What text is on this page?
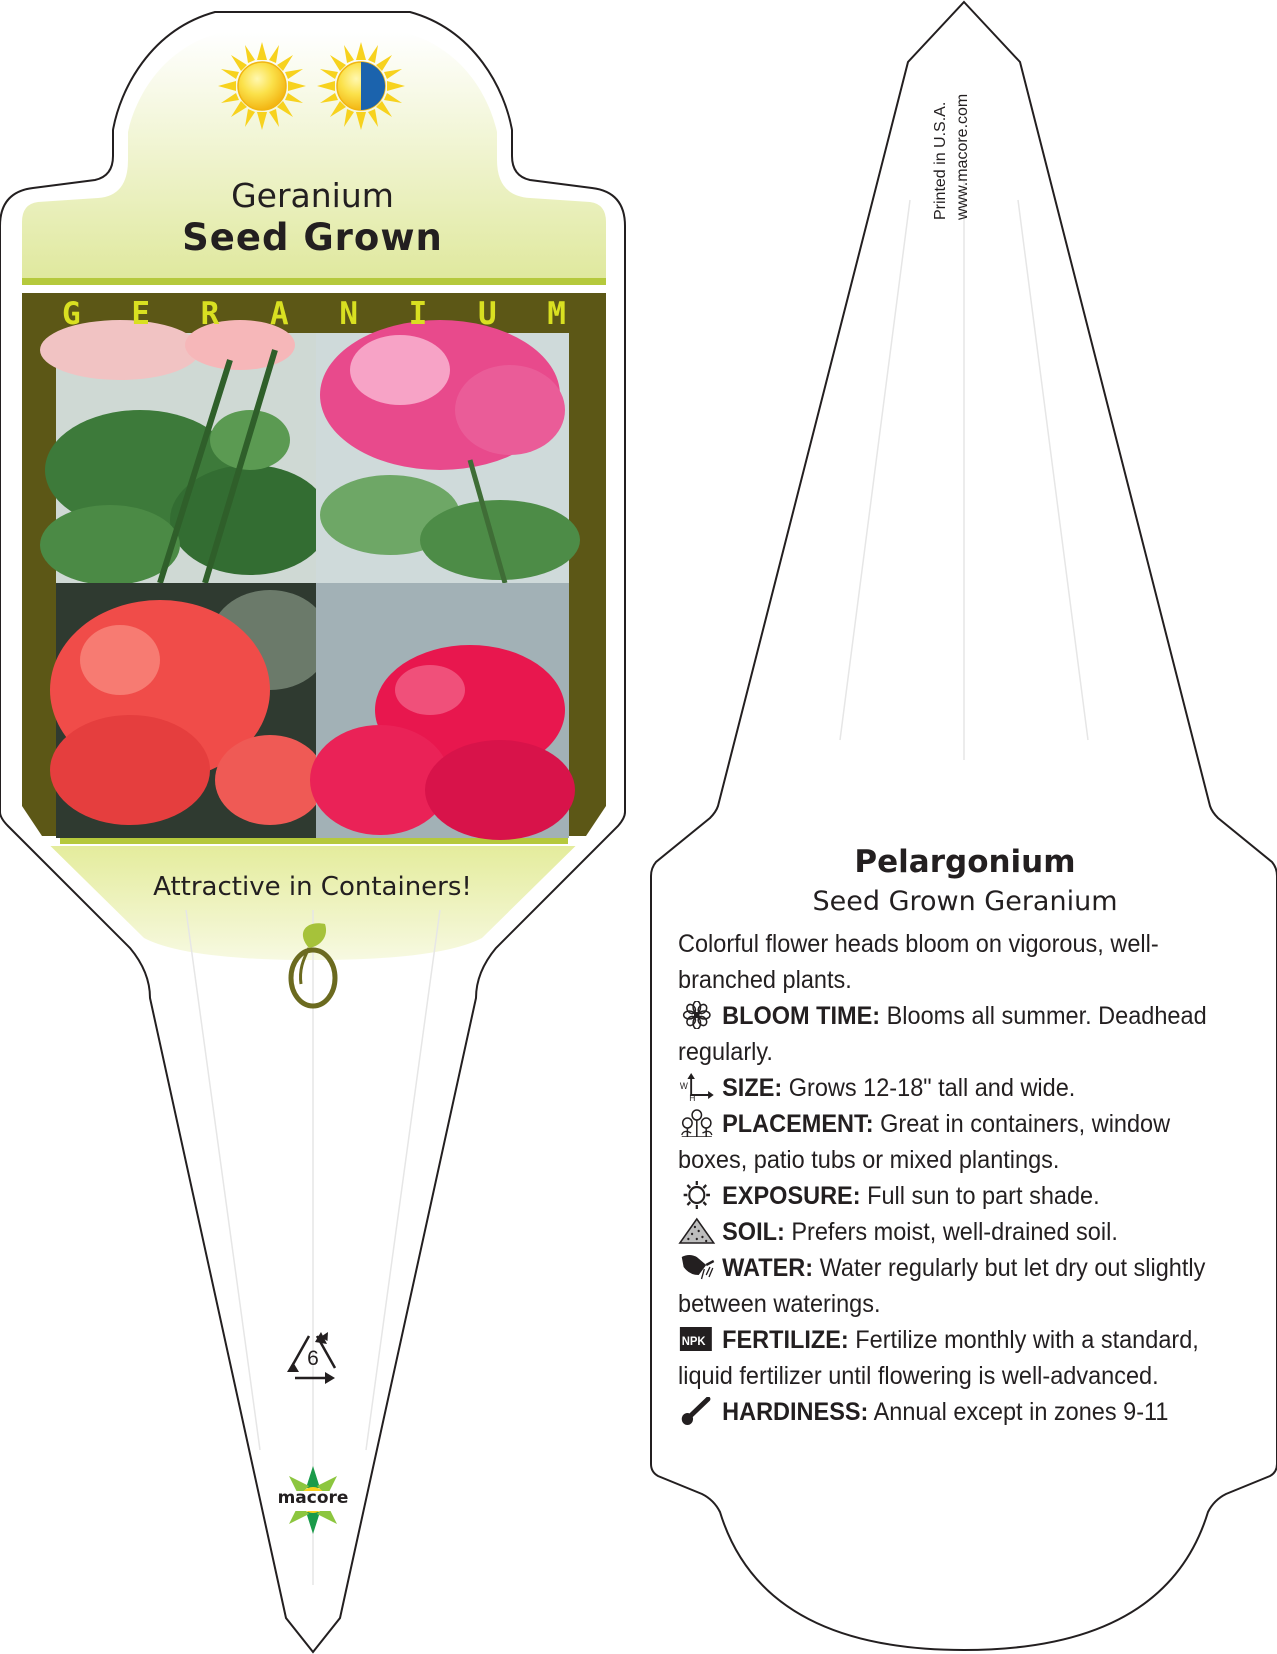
Geranium
Seed Grown
G E R A N I U M
Attractive in Containers!
6
macore
Printed in U.S.A. www.macore.com
Pelargonium
Seed Grown Geranium

Colorful flower heads bloom on vigorous, well-branched plants.

BLOOM TIME: Blooms all summer. Deadhead regularly.

W
H SIZE: Grows 12-18" tall and wide.

PLACEMENT: Great in containers, window boxes, patio tubs or mixed plantings.

EXPOSURE: Full sun to part shade.

SOIL: Prefers moist, well-drained soil.

WATER: Water regularly but let dry out slightly between waterings.

NPK FERTILIZE: Fertilize monthly with a standard, liquid fertilizer until flowering is well-advanced.

HARDINESS: Annual except in zones 9-11
